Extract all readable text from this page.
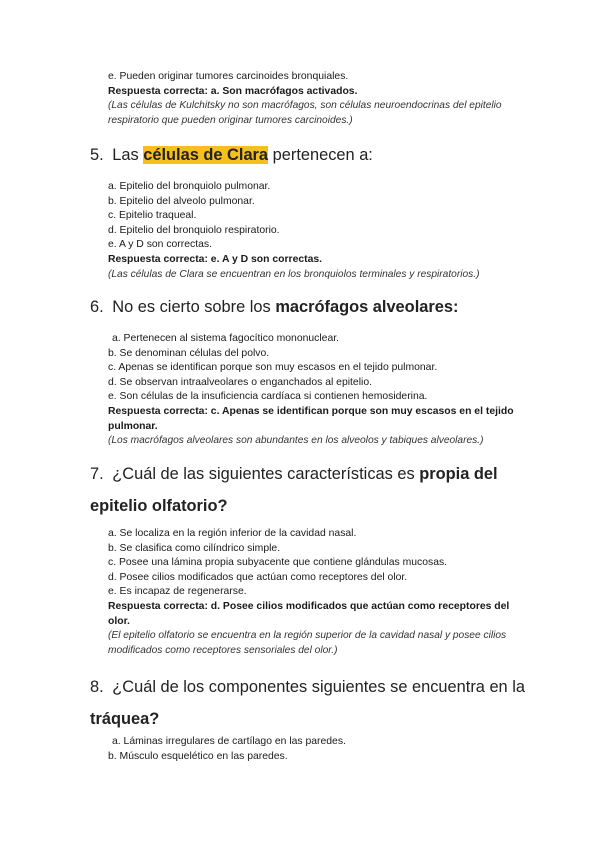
e. Pueden originar tumores carcinoides bronquiales.
Respuesta correcta: a. Son macrófagos activados.
(Las células de Kulchitsky no son macrófagos, son células neuroendocrinas del epitelio respiratorio que pueden originar tumores carcinoides.)
5. Las células de Clara pertenecen a:
a. Epitelio del bronquiolo pulmonar.
b. Epitelio del alveolo pulmonar.
c. Epitelio traqueal.
d. Epitelio del bronquiolo respiratorio.
e. A y D son correctas.
Respuesta correcta: e. A y D son correctas.
(Las células de Clara se encuentran en los bronquiolos terminales y respiratorios.)
6. No es cierto sobre los macrófagos alveolares:
a. Pertenecen al sistema fagocítico mononuclear.
b. Se denominan células del polvo.
c. Apenas se identifican porque son muy escasos en el tejido pulmonar.
d. Se observan intraalveolares o enganchados al epitelio.
e. Son células de la insuficiencia cardíaca si contienen hemosiderina.
Respuesta correcta: c. Apenas se identifican porque son muy escasos en el tejido pulmonar.
(Los macrófagos alveolares son abundantes en los alveolos y tabiques alveolares.)
7. ¿Cuál de las siguientes características es propia del epitelio olfatorio?
a. Se localiza en la región inferior de la cavidad nasal.
b. Se clasifica como cilíndrico simple.
c. Posee una lámina propia subyacente que contiene glándulas mucosas.
d. Posee cilios modificados que actúan como receptores del olor.
e. Es incapaz de regenerarse.
Respuesta correcta: d. Posee cilios modificados que actúan como receptores del olor.
(El epitelio olfatorio se encuentra en la región superior de la cavidad nasal y posee cilios modificados como receptores sensoriales del olor.)
8. ¿Cuál de los componentes siguientes se encuentra en la tráquea?
a. Láminas irregulares de cartílago en las paredes.
b. Músculo esquelético en las paredes.
